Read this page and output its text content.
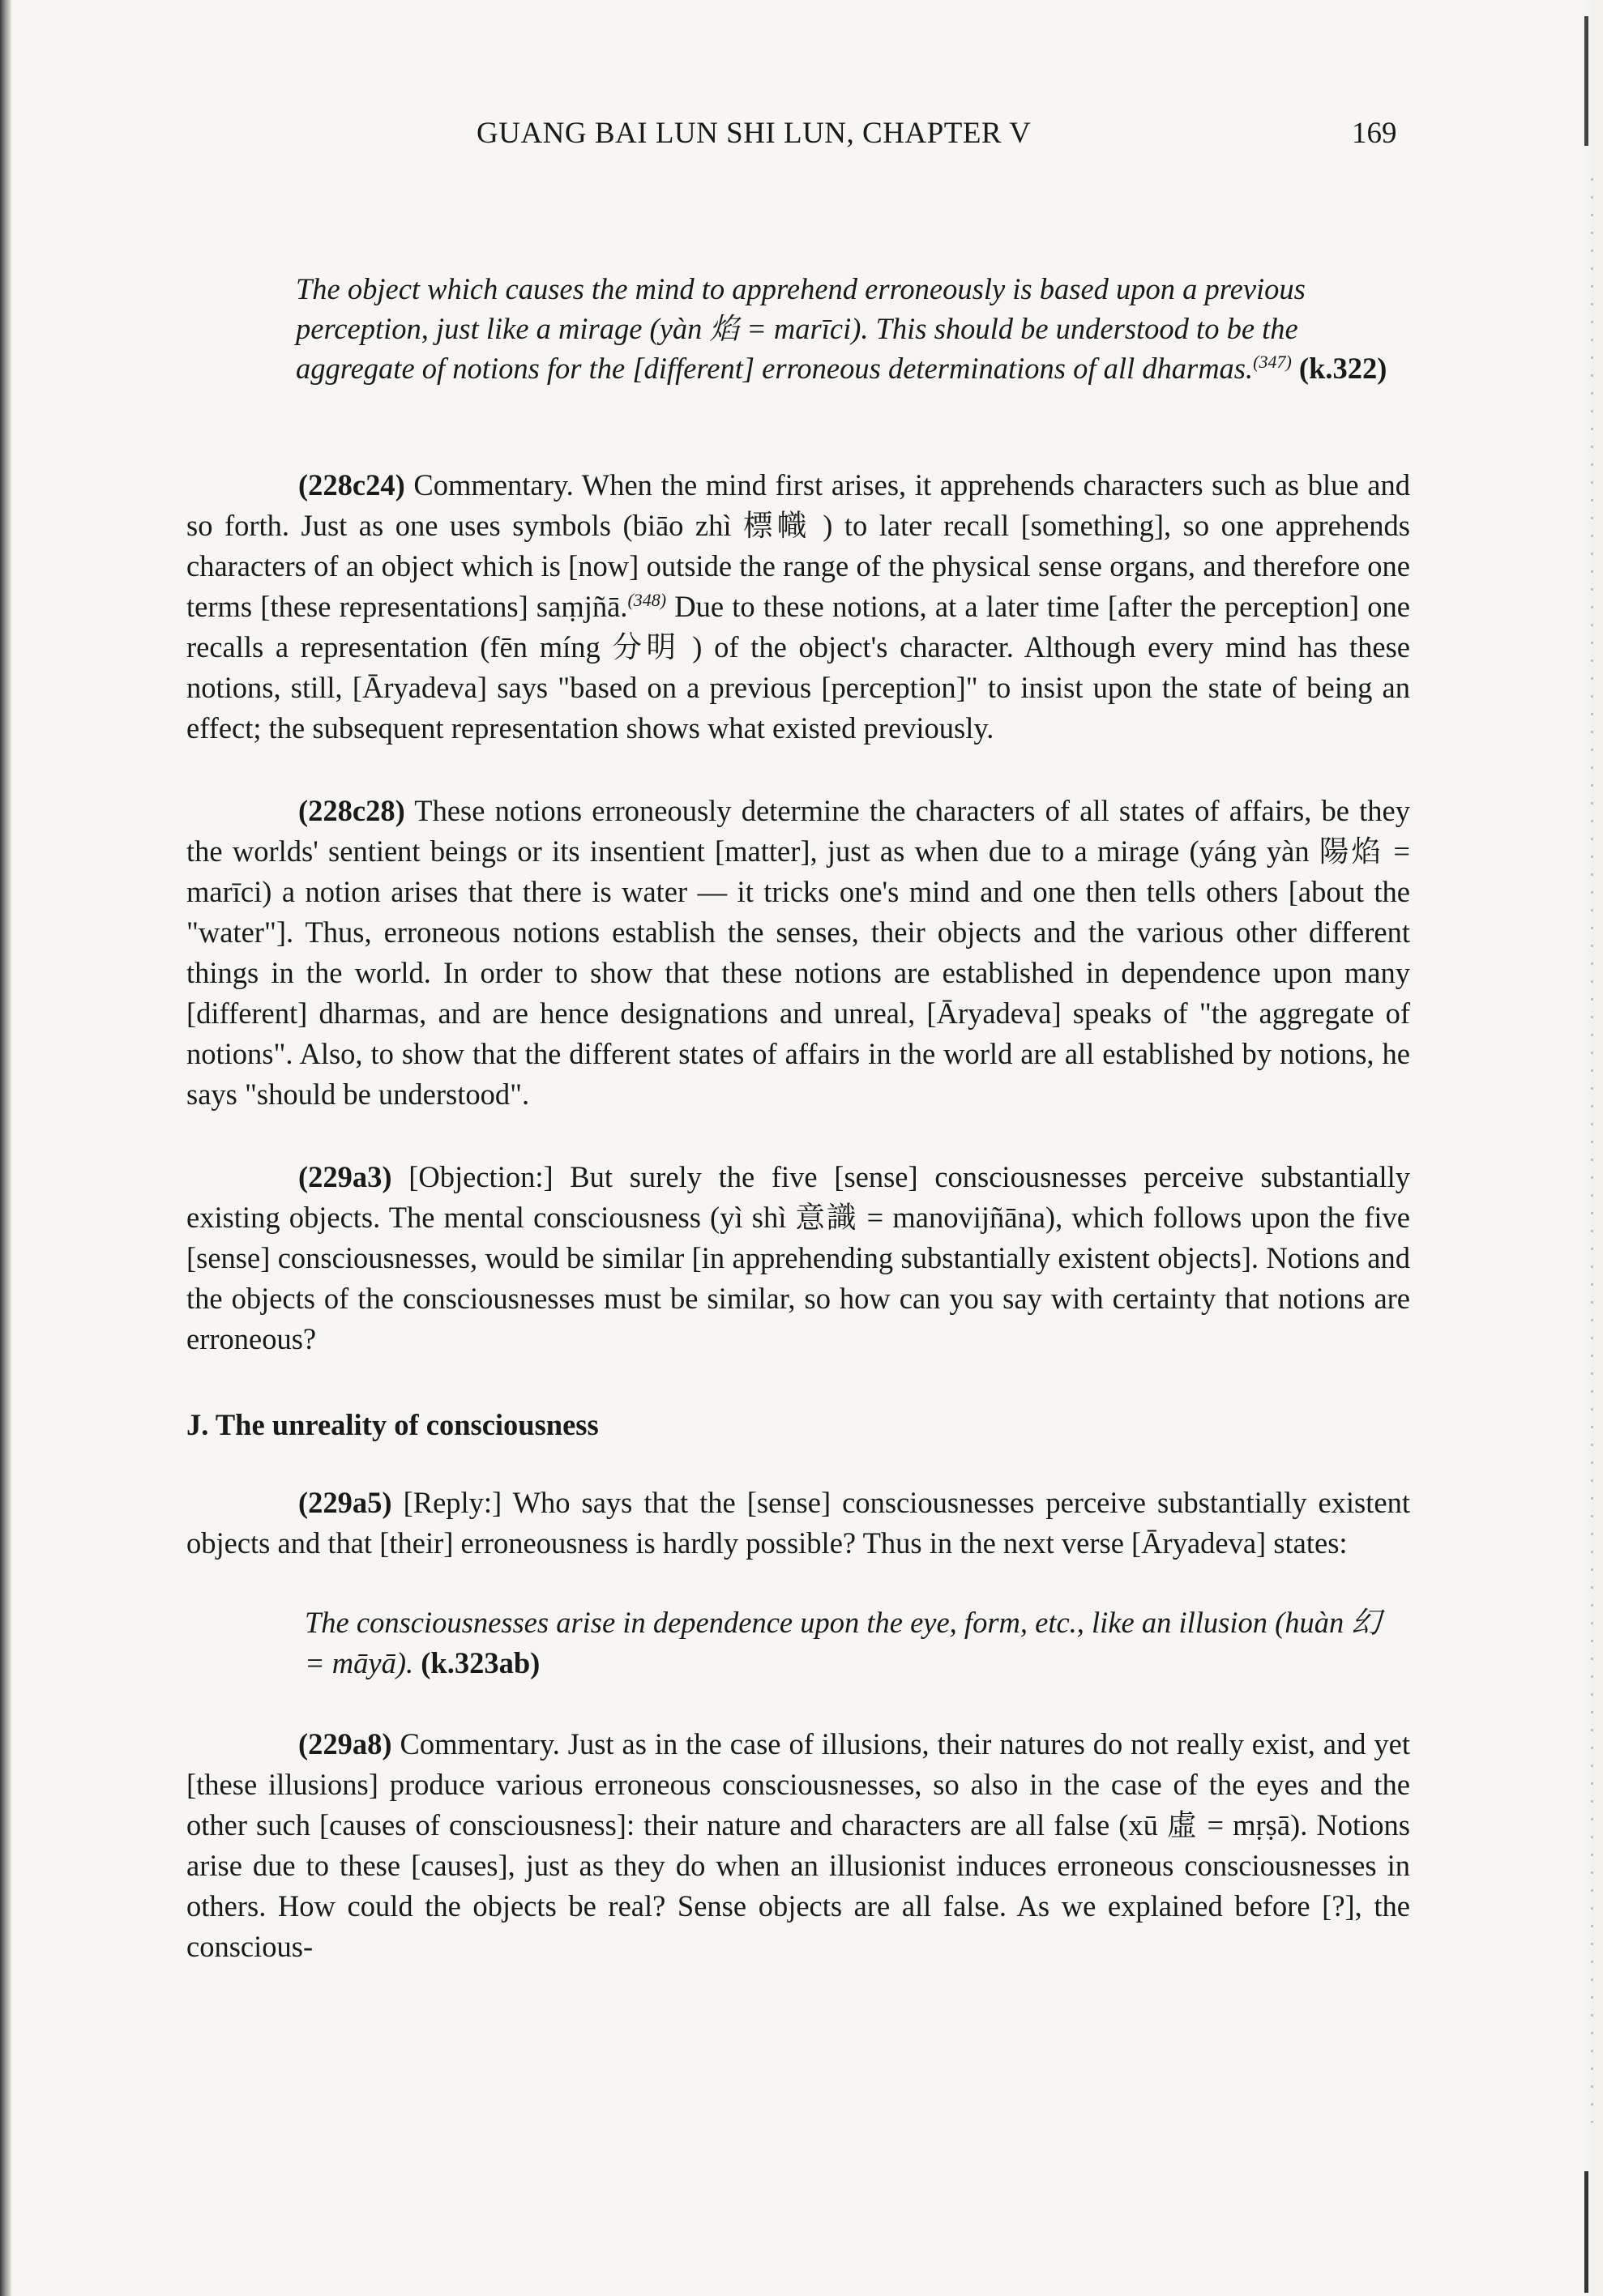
GUANG BAI LUN SHI LUN, CHAPTER V	169
The object which causes the mind to apprehend erroneously is based upon a previous perception, just like a mirage (yàn 焰 = marīci). This should be understood to be the aggregate of notions for the [different] erroneous determinations of all dharmas.$^{(347)}$ (k.322)
(228c24) Commentary. When the mind first arises, it apprehends characters such as blue and so forth. Just as one uses symbols (biāo zhì 標幟 ) to later recall [something], so one apprehends characters of an object which is [now] outside the range of the physical sense organs, and therefore one terms [these representations] saṃjñā.$^{(348)}$ Due to these notions, at a later time [after the perception] one recalls a representation (fēn míng 分明 ) of the object's character. Although every mind has these notions, still, [Āryadeva] says "based on a previous [perception]" to insist upon the state of being an effect; the subsequent representation shows what existed previously.
(228c28) These notions erroneously determine the characters of all states of affairs, be they the worlds' sentient beings or its insentient [matter], just as when due to a mirage (yáng yàn 陽焰 = marīci) a notion arises that there is water — it tricks one's mind and one then tells others [about the "water"]. Thus, erroneous notions establish the senses, their objects and the various other different things in the world. In order to show that these notions are established in dependence upon many [different] dharmas, and are hence designations and unreal, [Āryadeva] speaks of "the aggregate of notions". Also, to show that the different states of affairs in the world are all established by notions, he says "should be understood".
(229a3) [Objection:] But surely the five [sense] consciousnesses perceive substantially existing objects. The mental consciousness (yì shì 意識 = manovijñāna), which follows upon the five [sense] consciousnesses, would be similar [in apprehending substantially existent objects]. Notions and the objects of the consciousnesses must be similar, so how can you say with certainty that notions are erroneous?
J. The unreality of consciousness
(229a5) [Reply:] Who says that the [sense] consciousnesses perceive substantially existent objects and that [their] erroneousness is hardly possible? Thus in the next verse [Āryadeva] states:
The consciousnesses arise in dependence upon the eye, form, etc., like an illusion (huàn 幻 = māyā). (k.323ab)
(229a8) Commentary. Just as in the case of illusions, their natures do not really exist, and yet [these illusions] produce various erroneous consciousnesses, so also in the case of the eyes and the other such [causes of consciousness]: their nature and characters are all false (xū 虛 = mṛṣā). Notions arise due to these [causes], just as they do when an illusionist induces erroneous consciousnesses in others. How could the objects be real? Sense objects are all false. As we explained before [?], the conscious-
